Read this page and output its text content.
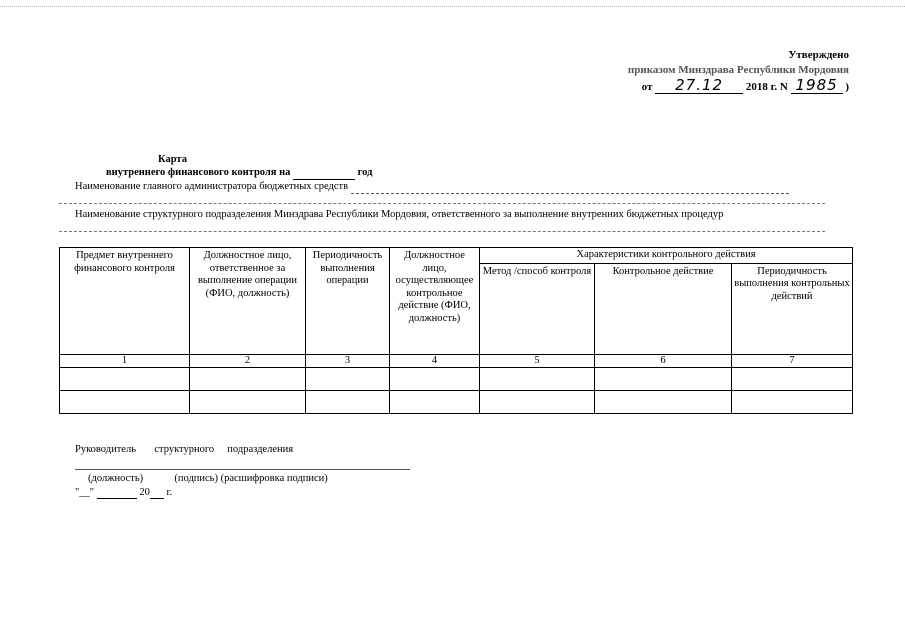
Утверждено
приказом Минздрава Республики Мордовия
от 27.12 2018 г. N 1985 )
Карта
внутреннего финансового контроля на	год
Наименование главного администратора бюджетных средств
Наименование структурного подразделения Минздрава Республики Мордовия, ответственного за выполнение внутренних бюджетных процедур
Предмет внутреннего финансового контроля	Должностное лицо, ответственное за выполнение операции (ФИО, должность)	Периодичность выполнения операции	Должностное лицо, осуществляющее контрольное действие (ФИО, должность)	Характеристики контрольного действия		
				Метод /способ контроля	Контрольное действие	Периодичность выполнения контрольных действий
1	2	3	4	5	6	7

Руководитель       структурного     подразделения
(должность)	(подпись) (расшифровка подписи)
"__"	20 г.
